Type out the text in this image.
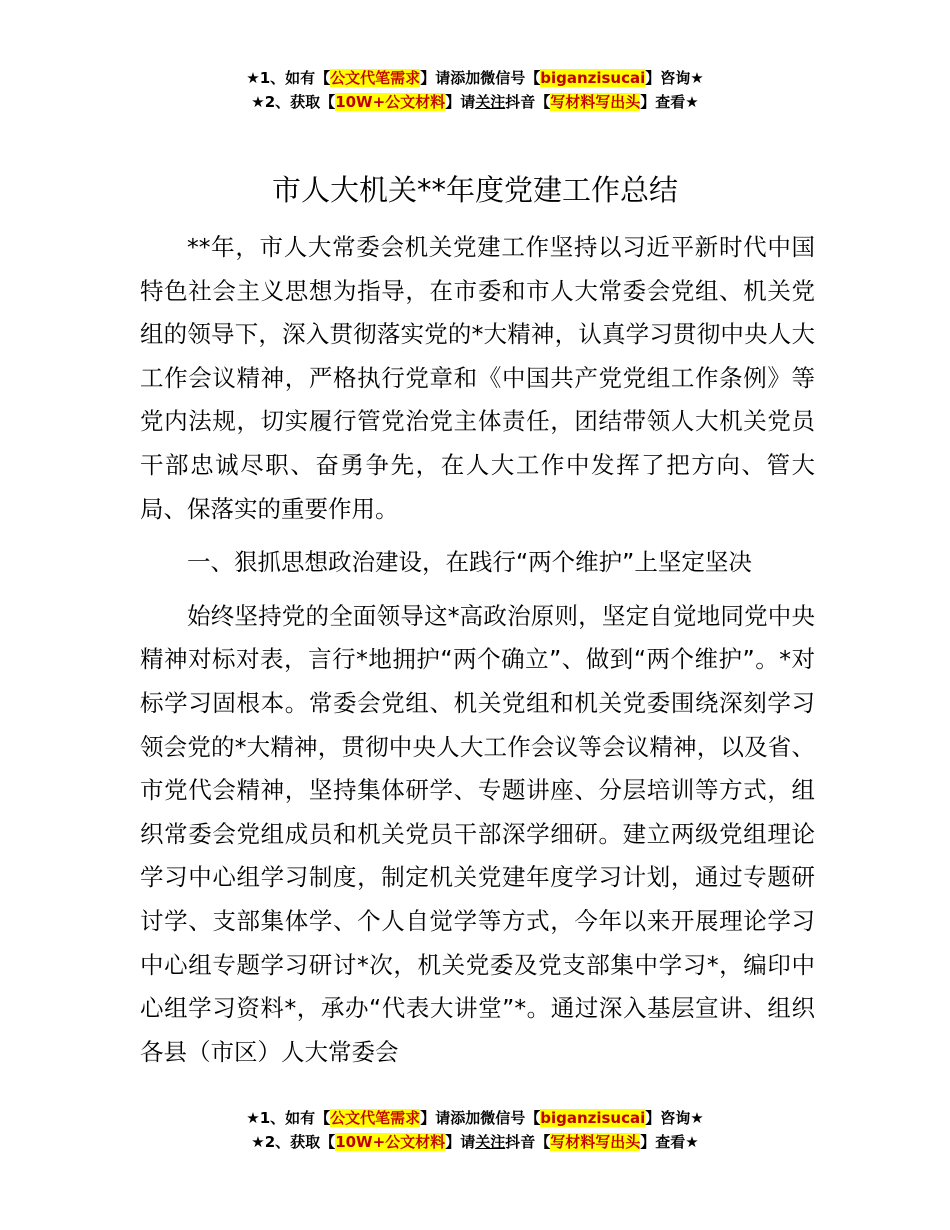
★1、如有【公文代笔需求】请添加微信号【biganzisucai】咨询★
★2、获取【10W+公文材料】请关注抖音【写材料写出头】查看★
市人大机关**年度党建工作总结

**年，市人大常委会机关党建工作坚持以习近平新时代中国特色社会主义思想为指导，在市委和市人大常委会党组、机关党组的领导下，深入贯彻落实党的*大精神，认真学习贯彻中央人大工作会议精神，严格执行党章和《中国共产党党组工作条例》等党内法规，切实履行管党治党主体责任，团结带领人大机关党员干部忠诚尽职、奋勇争先，在人大工作中发挥了把方向、管大局、保落实的重要作用。

一、狠抓思想政治建设，在践行“两个维护”上坚定坚决

始终坚持党的全面领导这*高政治原则，坚定自觉地同党中央精神对标对表，言行*地拥护“两个确立”、做到“两个维护”。*对标学习固根本。常委会党组、机关党组和机关党委围绕深刻学习领会党的*大精神，贯彻中央人大工作会议等会议精神，以及省、市党代会精神，坚持集体研学、专题讲座、分层培训等方式，组织常委会党组成员和机关党员干部深学细研。建立两级党组理论学习中心组学习制度，制定机关党建年度学习计划，通过专题研讨学、支部集体学、个人自觉学等方式，今年以来开展理论学习中心组专题学习研讨*次，机关党委及党支部集中学习*，编印中心组学习资料*，承办“代表大讲堂”*。通过深入基层宣讲、组织各县（市区）人大常委会

★1、如有【公文代笔需求】请添加微信号【biganzisucai】咨询★
★2、获取【10W+公文材料】请关注抖音【写材料写出头】查看★
